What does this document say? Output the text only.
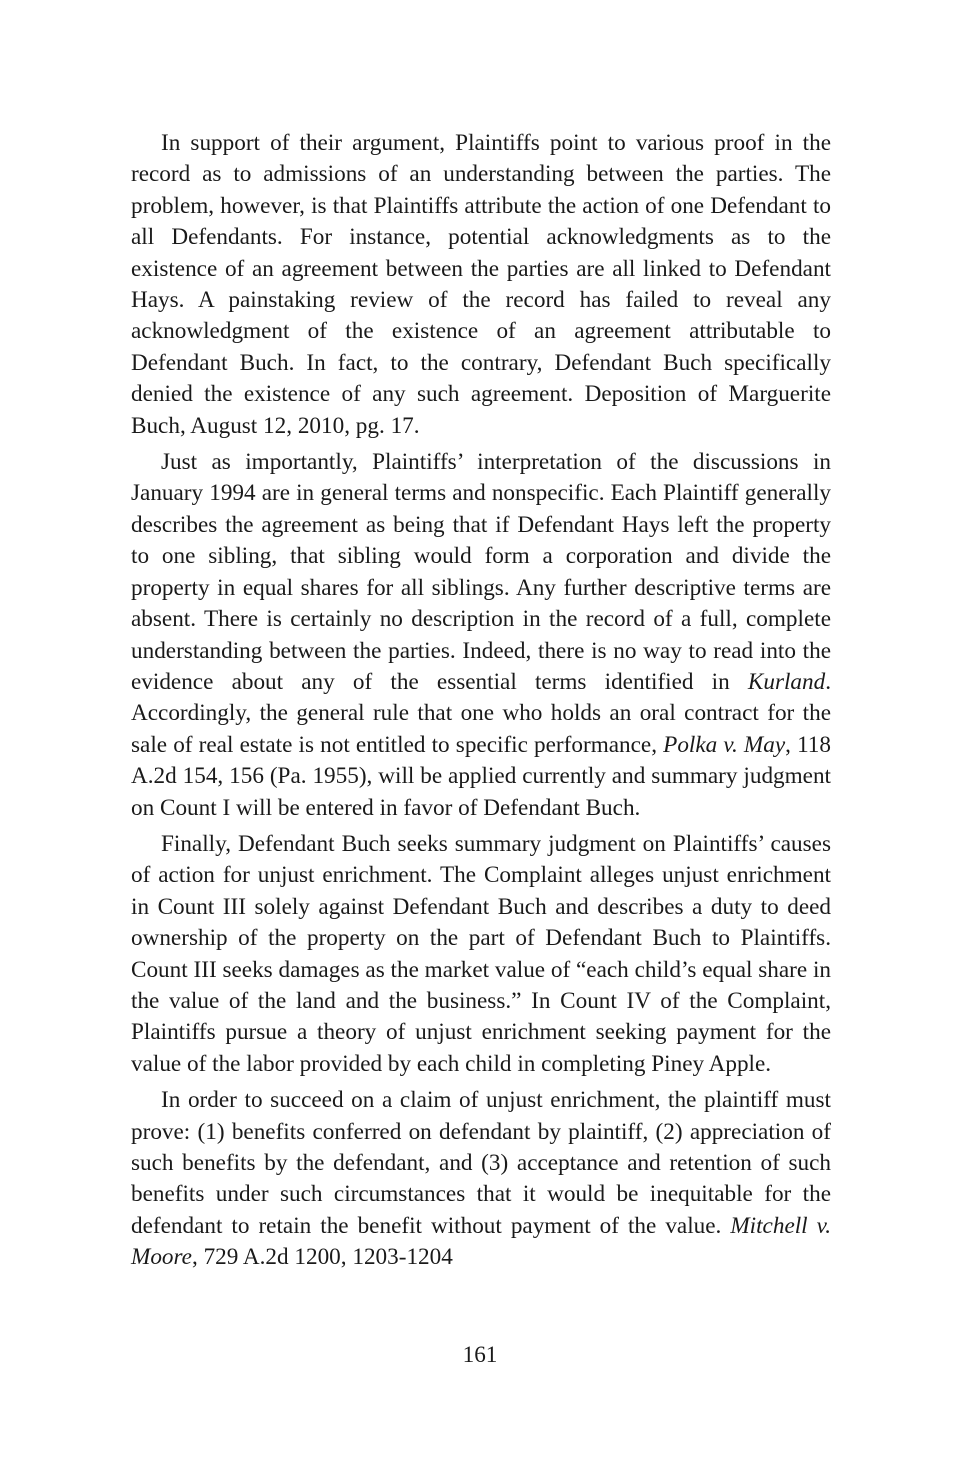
In support of their argument, Plaintiffs point to various proof in the record as to admissions of an understanding between the parties. The problem, however, is that Plaintiffs attribute the action of one Defendant to all Defendants. For instance, potential acknowledgments as to the existence of an agreement between the parties are all linked to Defendant Hays. A painstaking review of the record has failed to reveal any acknowledgment of the existence of an agreement attributable to Defendant Buch. In fact, to the contrary, Defendant Buch specifically denied the existence of any such agreement. Deposition of Marguerite Buch, August 12, 2010, pg. 17.

Just as importantly, Plaintiffs’ interpretation of the discussions in January 1994 are in general terms and nonspecific. Each Plaintiff generally describes the agreement as being that if Defendant Hays left the property to one sibling, that sibling would form a corporation and divide the property in equal shares for all siblings. Any further descriptive terms are absent. There is certainly no description in the record of a full, complete understanding between the parties. Indeed, there is no way to read into the evidence about any of the essential terms identified in Kurland. Accordingly, the general rule that one who holds an oral contract for the sale of real estate is not entitled to specific performance, Polka v. May, 118 A.2d 154, 156 (Pa. 1955), will be applied currently and summary judgment on Count I will be entered in favor of Defendant Buch.

Finally, Defendant Buch seeks summary judgment on Plaintiffs’ causes of action for unjust enrichment. The Complaint alleges unjust enrichment in Count III solely against Defendant Buch and describes a duty to deed ownership of the property on the part of Defendant Buch to Plaintiffs. Count III seeks damages as the market value of “each child’s equal share in the value of the land and the business.” In Count IV of the Complaint, Plaintiffs pursue a theory of unjust enrichment seeking payment for the value of the labor provided by each child in completing Piney Apple.

In order to succeed on a claim of unjust enrichment, the plaintiff must prove: (1) benefits conferred on defendant by plaintiff, (2) appreciation of such benefits by the defendant, and (3) acceptance and retention of such benefits under such circumstances that it would be inequitable for the defendant to retain the benefit without payment of the value. Mitchell v. Moore, 729 A.2d 1200, 1203-1204

161
